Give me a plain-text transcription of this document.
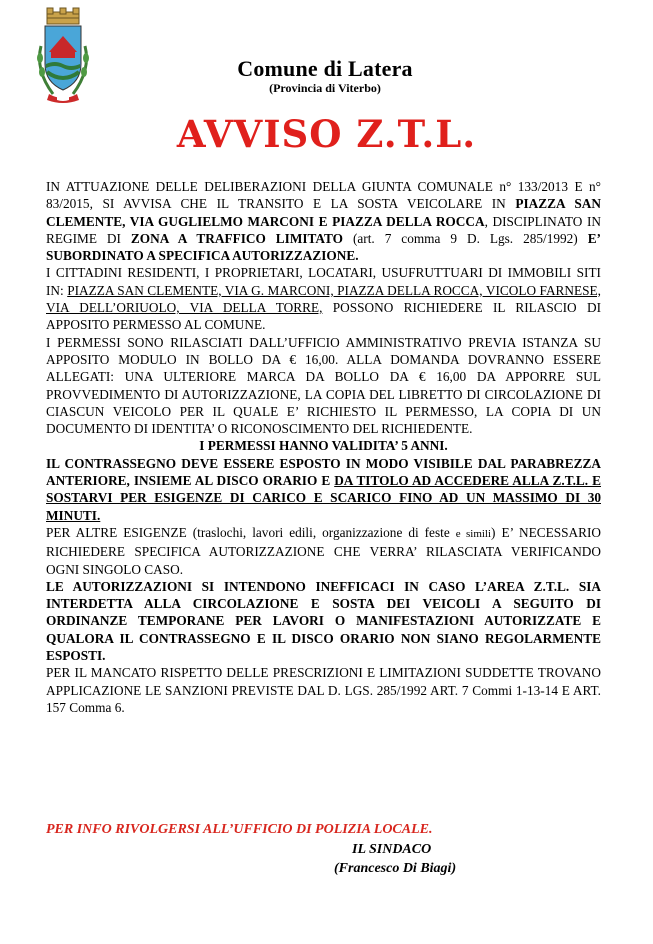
Comune di Latera
(Provincia di Viterbo)
AVVISO Z.T.L.

IN ATTUAZIONE DELLE DELIBERAZIONI DELLA GIUNTA COMUNALE n° 133/2013 E n° 83/2015, SI AVVISA CHE IL TRANSITO E LA SOSTA VEICOLARE IN PIAZZA SAN CLEMENTE, VIA GUGLIELMO MARCONI E PIAZZA DELLA ROCCA, DISCIPLINATO IN REGIME DI ZONA A TRAFFICO LIMITATO (art. 7 comma 9 D. Lgs. 285/1992) E’ SUBORDINATO A SPECIFICA AUTORIZZAZIONE.

I CITTADINI RESIDENTI, I PROPRIETARI, LOCATARI, USUFRUTTUARI DI IMMOBILI SITI IN: PIAZZA SAN CLEMENTE, VIA G. MARCONI, PIAZZA DELLA ROCCA, VICOLO FARNESE, VIA DELL’ORIUOLO, VIA DELLA TORRE, POSSONO RICHIEDERE IL RILASCIO DI APPOSITO PERMESSO AL COMUNE.

I PERMESSI SONO RILASCIATI DALL’UFFICIO AMMINISTRATIVO PREVIA ISTANZA SU APPOSITO MODULO IN BOLLO DA € 16,00. ALLA DOMANDA DOVRANNO ESSERE ALLEGATI: UNA ULTERIORE MARCA DA BOLLO DA € 16,00 DA APPORRE SUL PROVVEDIMENTO DI AUTORIZZAZIONE, LA COPIA DEL LIBRETTO DI CIRCOLAZIONE DI CIASCUN VEICOLO PER IL QUALE E’ RICHIESTO IL PERMESSO, LA COPIA DI UN DOCUMENTO DI IDENTITA’ O RICONOSCIMENTO DEL RICHIEDENTE.

I PERMESSI HANNO VALIDITA’ 5 ANNI.

IL CONTRASSEGNO DEVE ESSERE ESPOSTO IN MODO VISIBILE DAL PARABREZZA ANTERIORE, INSIEME AL DISCO ORARIO E DA TITOLO AD ACCEDERE ALLA Z.T.L. E SOSTARVI PER ESIGENZE DI CARICO E SCARICO FINO AD UN MASSIMO DI 30 MINUTI.

PER ALTRE ESIGENZE (traslochi, lavori edili, organizzazione di feste e simili) E’ NECESSARIO RICHIEDERE SPECIFICA AUTORIZZAZIONE CHE VERRA’ RILASCIATA VERIFICANDO OGNI SINGOLO CASO.

LE AUTORIZZAZIONI SI INTENDONO INEFFICACI IN CASO L’AREA Z.T.L. SIA INTERDETTA ALLA CIRCOLAZIONE E SOSTA DEI VEICOLI A SEGUITO DI ORDINANZE TEMPORANE PER LAVORI O MANIFESTAZIONI AUTORIZZATE E QUALORA IL CONTRASSEGNO E IL DISCO ORARIO NON SIANO REGOLARMENTE ESPOSTI.

PER IL MANCATO RISPETTO DELLE PRESCRIZIONI E LIMITAZIONI SUDDETTE TROVANO APPLICAZIONE LE SANZIONI PREVISTE DAL D. LGS. 285/1992 ART. 7 Commi 1-13-14 E ART. 157 Comma 6.

PER INFO RIVOLGERSI ALL’UFFICIO DI POLIZIA LOCALE.
IL SINDACO
(Francesco Di Biagi)
